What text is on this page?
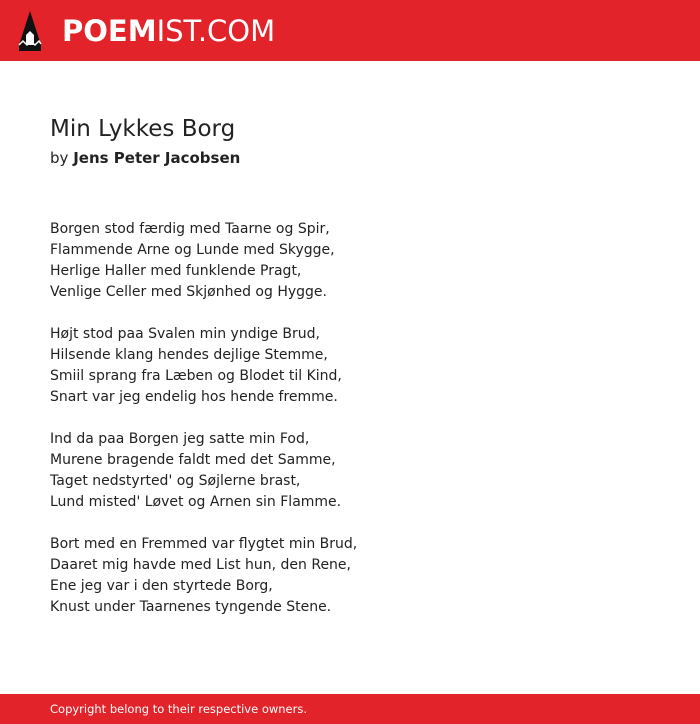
POEMIST.COM
Min Lykkes Borg
by Jens Peter Jacobsen
Borgen stod færdig med Taarne og Spir,
Flammende Arne og Lunde med Skygge,
Herlige Haller med funklende Pragt,
Venlige Celler med Skjønhed og Hygge.
Højt stod paa Svalen min yndige Brud,
Hilsende klang hendes dejlige Stemme,
Smiil sprang fra Læben og Blodet til Kind,
Snart var jeg endelig hos hende fremme.
Ind da paa Borgen jeg satte min Fod,
Murene bragende faldt med det Samme,
Taget nedstyrted' og Søjlerne brast,
Lund misted' Løvet og Arnen sin Flamme.
Bort med en Fremmed var flygtet min Brud,
Daaret mig havde med List hun, den Rene,
Ene jeg var i den styrtede Borg,
Knust under Taarnenes tyngende Stene.
Copyright belong to their respective owners.
